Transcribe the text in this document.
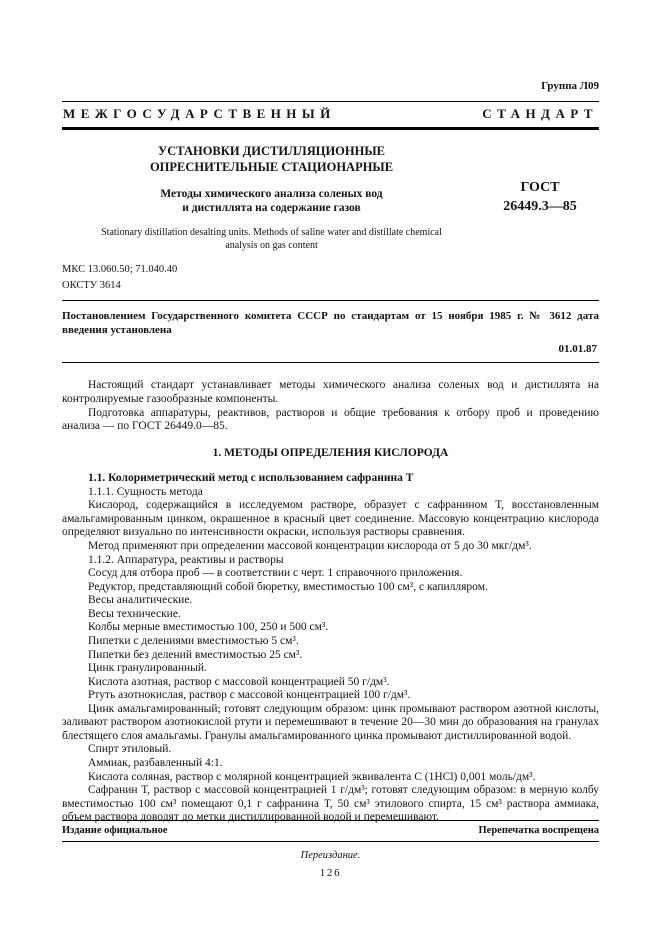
Группа Л09
МЕЖГОСУДАРСТВЕННЫЙ	СТАНДАРТ
УСТАНОВКИ ДИСТИЛЛЯЦИОННЫЕ
ОПРЕСНИТЕЛЬНЫЕ СТАЦИОНАРНЫЕ
Методы химического анализа соленых вод
и дистиллята на содержание газов
Stationary distillation desalting units. Methods of saline water and distillate chemical
analysis on gas content
ГОСТ
26449.3—85
МКС 13.060.50; 71.040.40
ОКСТУ 3614
Постановлением Государственного комитета СССР по стандартам от 15 ноября 1985 г. № 3612 дата введения установлена
01.01.87

Настоящий стандарт устанавливает методы химического анализа соленых вод и дистиллята на контролируемые газообразные компоненты.

Подготовка аппаратуры, реактивов, растворов и общие требования к отбору проб и проведению анализа — по ГОСТ 26449.0—85.

1. МЕТОДЫ ОПРЕДЕЛЕНИЯ КИСЛОРОДА

1.1. Колориметрический метод с использованием сафранина Т

1.1.1. Сущность метода

Кислород, содержащийся в исследуемом растворе, образует с сафранином Т, восстановленным амальгамированным цинком, окрашенное в красный цвет соединение. Массовую концентрацию кислорода определяют визуально по интенсивности окраски, используя растворы сравнения.

Метод применяют при определении массовой концентрации кислорода от 5 до 30 мкг/дм³.

1.1.2. Аппаратура, реактивы и растворы

Сосуд для отбора проб — в соответствии с черт. 1 справочного приложения.

Редуктор, представляющий собой бюретку, вместимостью 100 см³, с капилляром.

Весы аналитические.

Весы технические.

Колбы мерные вместимостью 100, 250 и 500 см³.

Пипетки с делениями вместимостью 5 см³.

Пипетки без делений вместимостью 25 см³.

Цинк гранулированный.

Кислота азотная, раствор с массовой концентрацией 50 г/дм³.

Ртуть азотнокислая, раствор с массовой концентрацией 100 г/дм³.

Цинк амальгамированный; готовят следующим образом: цинк промывают раствором азотной кислоты, заливают раствором азотнокислой ртути и перемешивают в течение 20—30 мин до образования на гранулах блестящего слоя амальгамы. Гранулы амальгамированного цинка промывают дистиллированной водой.

Спирт этиловый.

Аммиак, разбавленный 4:1.

Кислота соляная, раствор с молярной концентрацией эквивалента С (1HCl) 0,001 моль/дм³.

Сафранин Т, раствор с массовой концентрацией 1 г/дм³; готовят следующим образом: в мерную колбу вместимостью 100 см³ помещают 0,1 г сафранина Т, 50 см³ этилового спирта, 15 см³ раствора аммиака, объем раствора доводят до метки дистиллированной водой и перемешивают.

Издание официальное	Перепечатка воспрещена
Переиздание.
126
